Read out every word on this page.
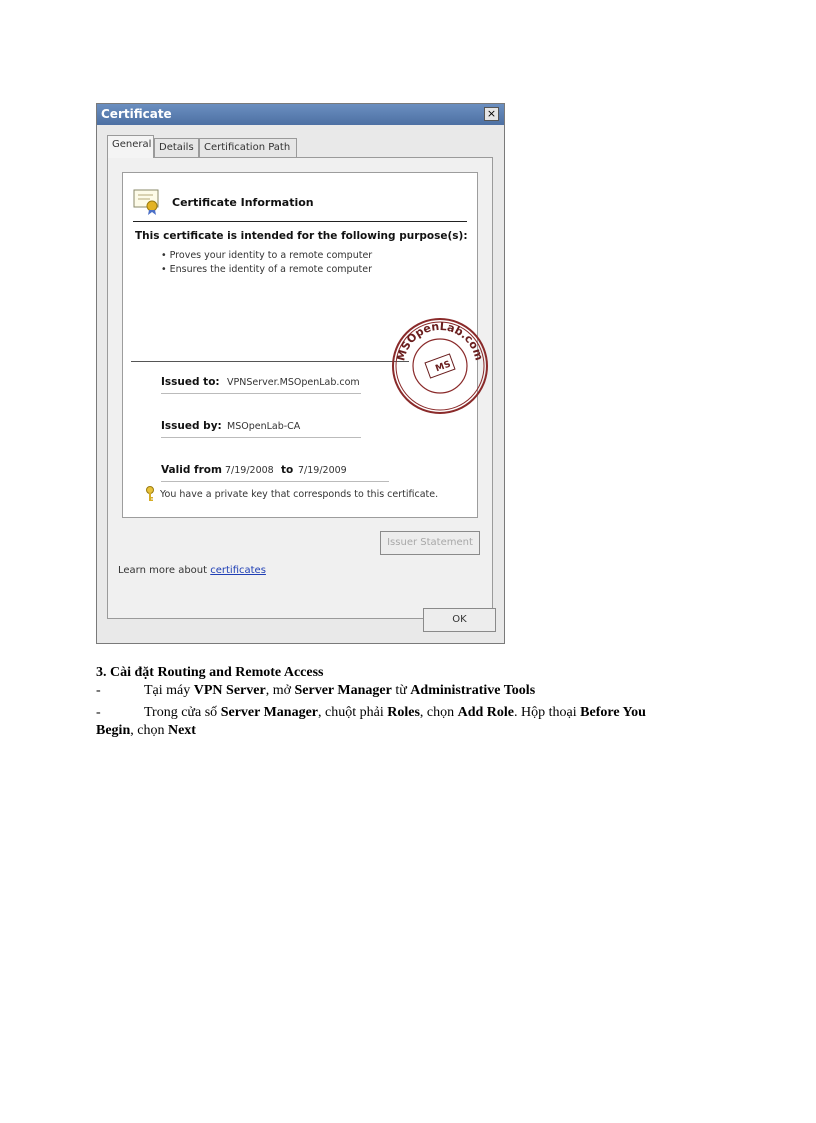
Certificate	×
General Details	Certification Path
Certificate Information
This certificate is intended for the following purpose(s):
• Proves your identity to a remote computer
• Ensures the identity of a remote computer
MSOpenLab.com
MS
Issued to: VPNServer.MSOpenLab.com
Issued by: MSOpenLab-CA
Valid from 7/19/2008 to 7/19/2009
You have a private key that corresponds to this certificate.
Issuer Statement
Learn more about certificates
OK
3. Cài đặt Routing and Remote Access
-	Tại máy VPN Server, mở Server Manager từ Administrative Tools
-	Trong cửa số Server Manager, chuột phải Roles, chọn Add Role. Hộp thoại Before You
Begin, chọn Next
